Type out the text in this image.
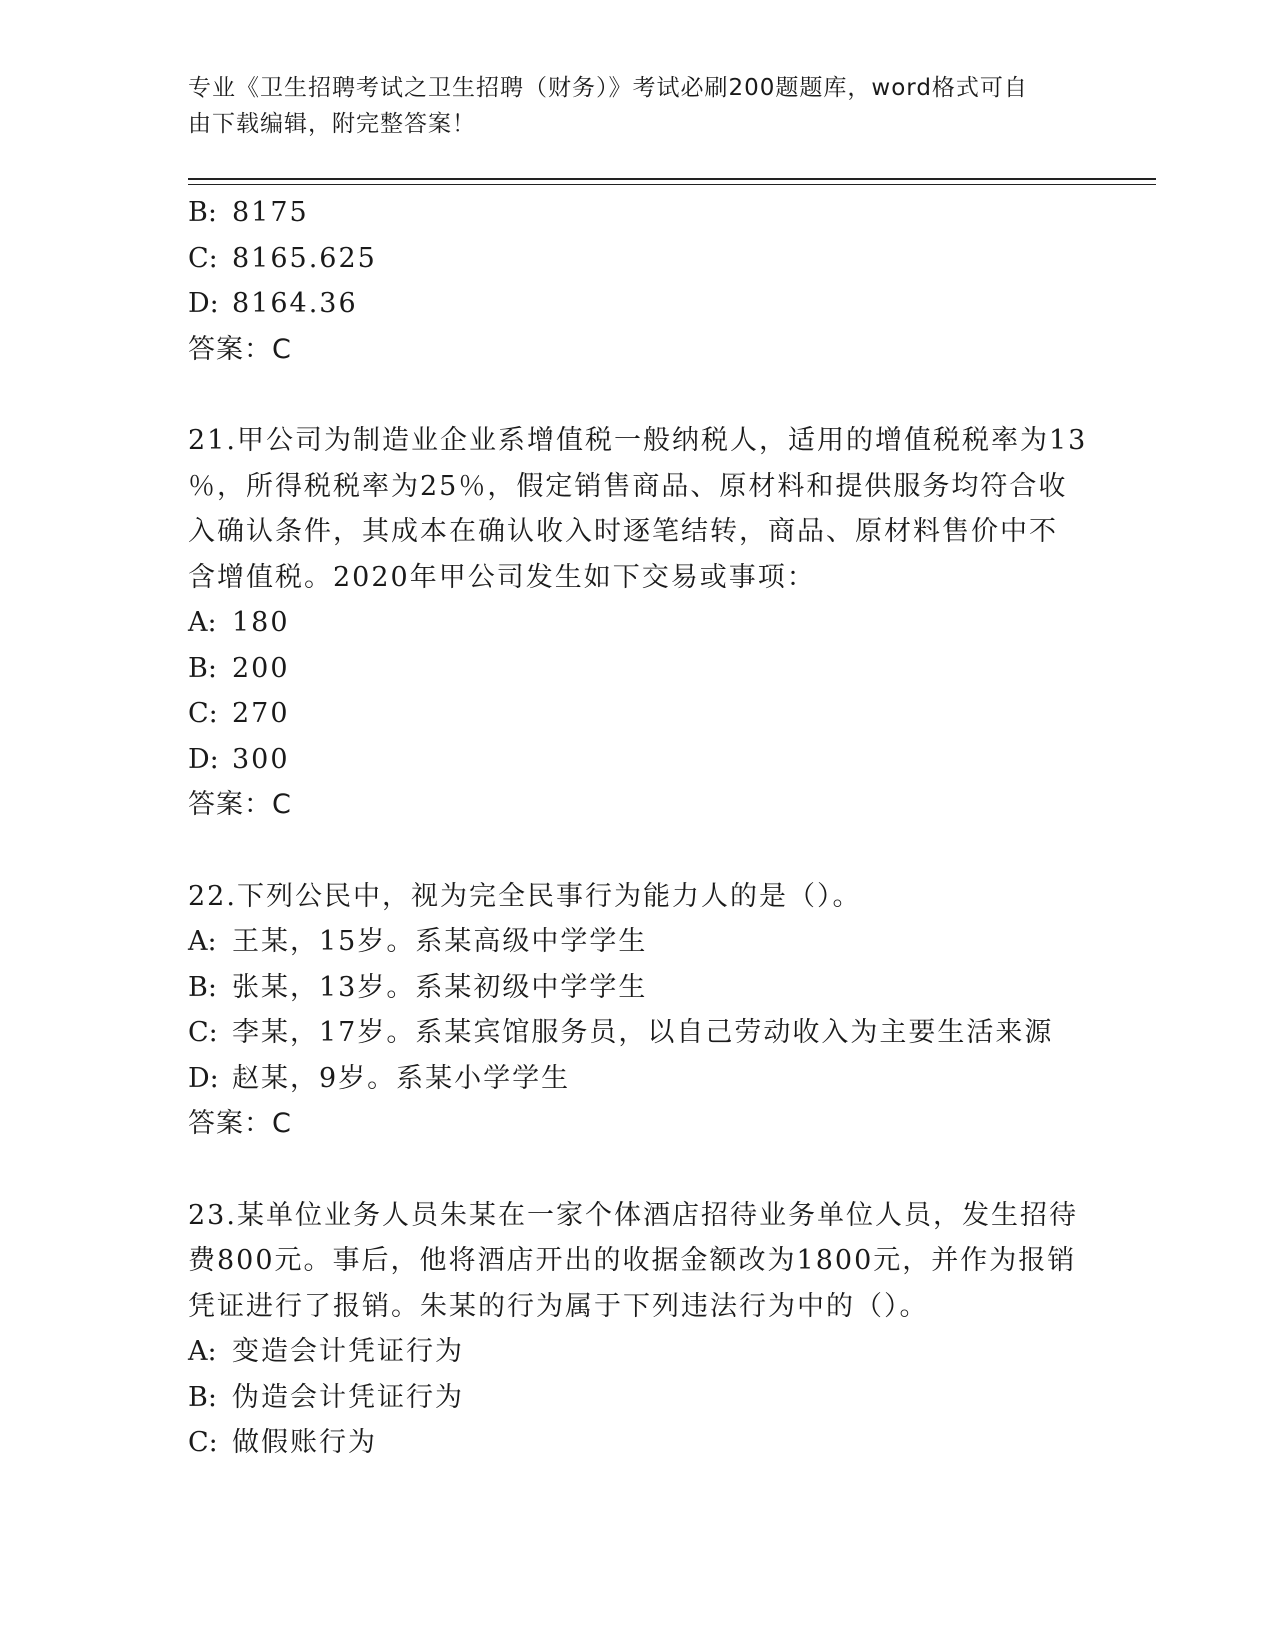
专业《卫生招聘考试之卫生招聘（财务）》考试必刷200题题库，word格式可自
由下载编辑，附完整答案！
B: 8175
C: 8165.625
D: 8164.36
答案：C
21.甲公司为制造业企业系增值税一般纳税人，适用的增值税税率为13
％，所得税税率为25％，假定销售商品、原材料和提供服务均符合收
入确认条件，其成本在确认收入时逐笔结转，商品、原材料售价中不
含增值税。2020年甲公司发生如下交易或事项：
A: 180
B: 200
C: 270
D: 300
答案：C
22.下列公民中，视为完全民事行为能力人的是（）。
A: 王某，15岁。系某高级中学学生
B: 张某，13岁。系某初级中学学生
C: 李某，17岁。系某宾馆服务员，以自己劳动收入为主要生活来源
D: 赵某，9岁。系某小学学生
答案：C
23.某单位业务人员朱某在一家个体酒店招待业务单位人员，发生招待
费800元。事后，他将酒店开出的收据金额改为1800元，并作为报销
凭证进行了报销。朱某的行为属于下列违法行为中的（）。
A: 变造会计凭证行为
B: 伪造会计凭证行为
C: 做假账行为
